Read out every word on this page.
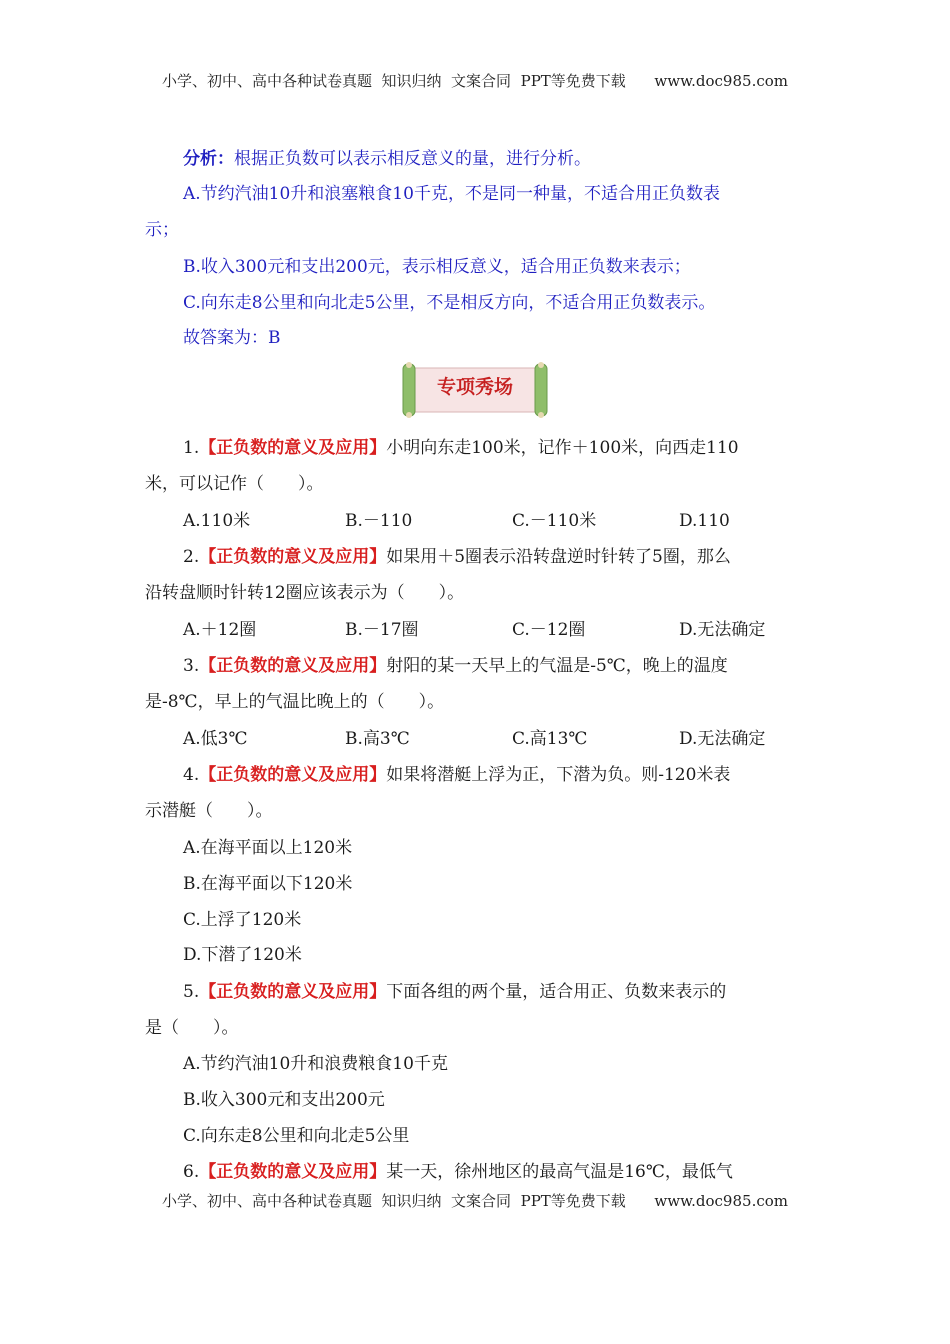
小学、初中、高中各种试卷真题  知识归纳  文案合同  PPT等免费下载      www.doc985.com
分析：根据正负数可以表示相反意义的量，进行分析。
A.节约汽油10升和浪塞粮食10千克，不是同一种量，不适合用正负数表
示；
B.收入300元和支出200元，表示相反意义，适合用正负数来表示；
C.向东走8公里和向北走5公里，不是相反方向，不适合用正负数表示。
故答案为：B
专项秀场
1.【正负数的意义及应用】小明向东走100米，记作＋100米，向西走110
米，可以记作（　　）。
A.110米	B.－110	C.－110米	D.110
2.【正负数的意义及应用】如果用＋5圈表示沿转盘逆时针转了5圈，那么
沿转盘顺时针转12圈应该表示为（　　）。
A.＋12圈	B.－17圈	C.－12圈	D.无法确定
3.【正负数的意义及应用】射阳的某一天早上的气温是-5℃，晚上的温度
是-8℃，早上的气温比晚上的（　　）。
A.低3℃	B.高3℃	C.高13℃	D.无法确定
4.【正负数的意义及应用】如果将潜艇上浮为正，下潜为负。则-120米表
示潜艇（　　）。
A.在海平面以上120米
B.在海平面以下120米
C.上浮了120米
D.下潜了120米
5.【正负数的意义及应用】下面各组的两个量，适合用正、负数来表示的
是（　　）。
A.节约汽油10升和浪费粮食10千克
B.收入300元和支出200元
C.向东走8公里和向北走5公里
6.【正负数的意义及应用】某一天，徐州地区的最高气温是16℃，最低气
小学、初中、高中各种试卷真题  知识归纳  文案合同  PPT等免费下载      www.doc985.com
